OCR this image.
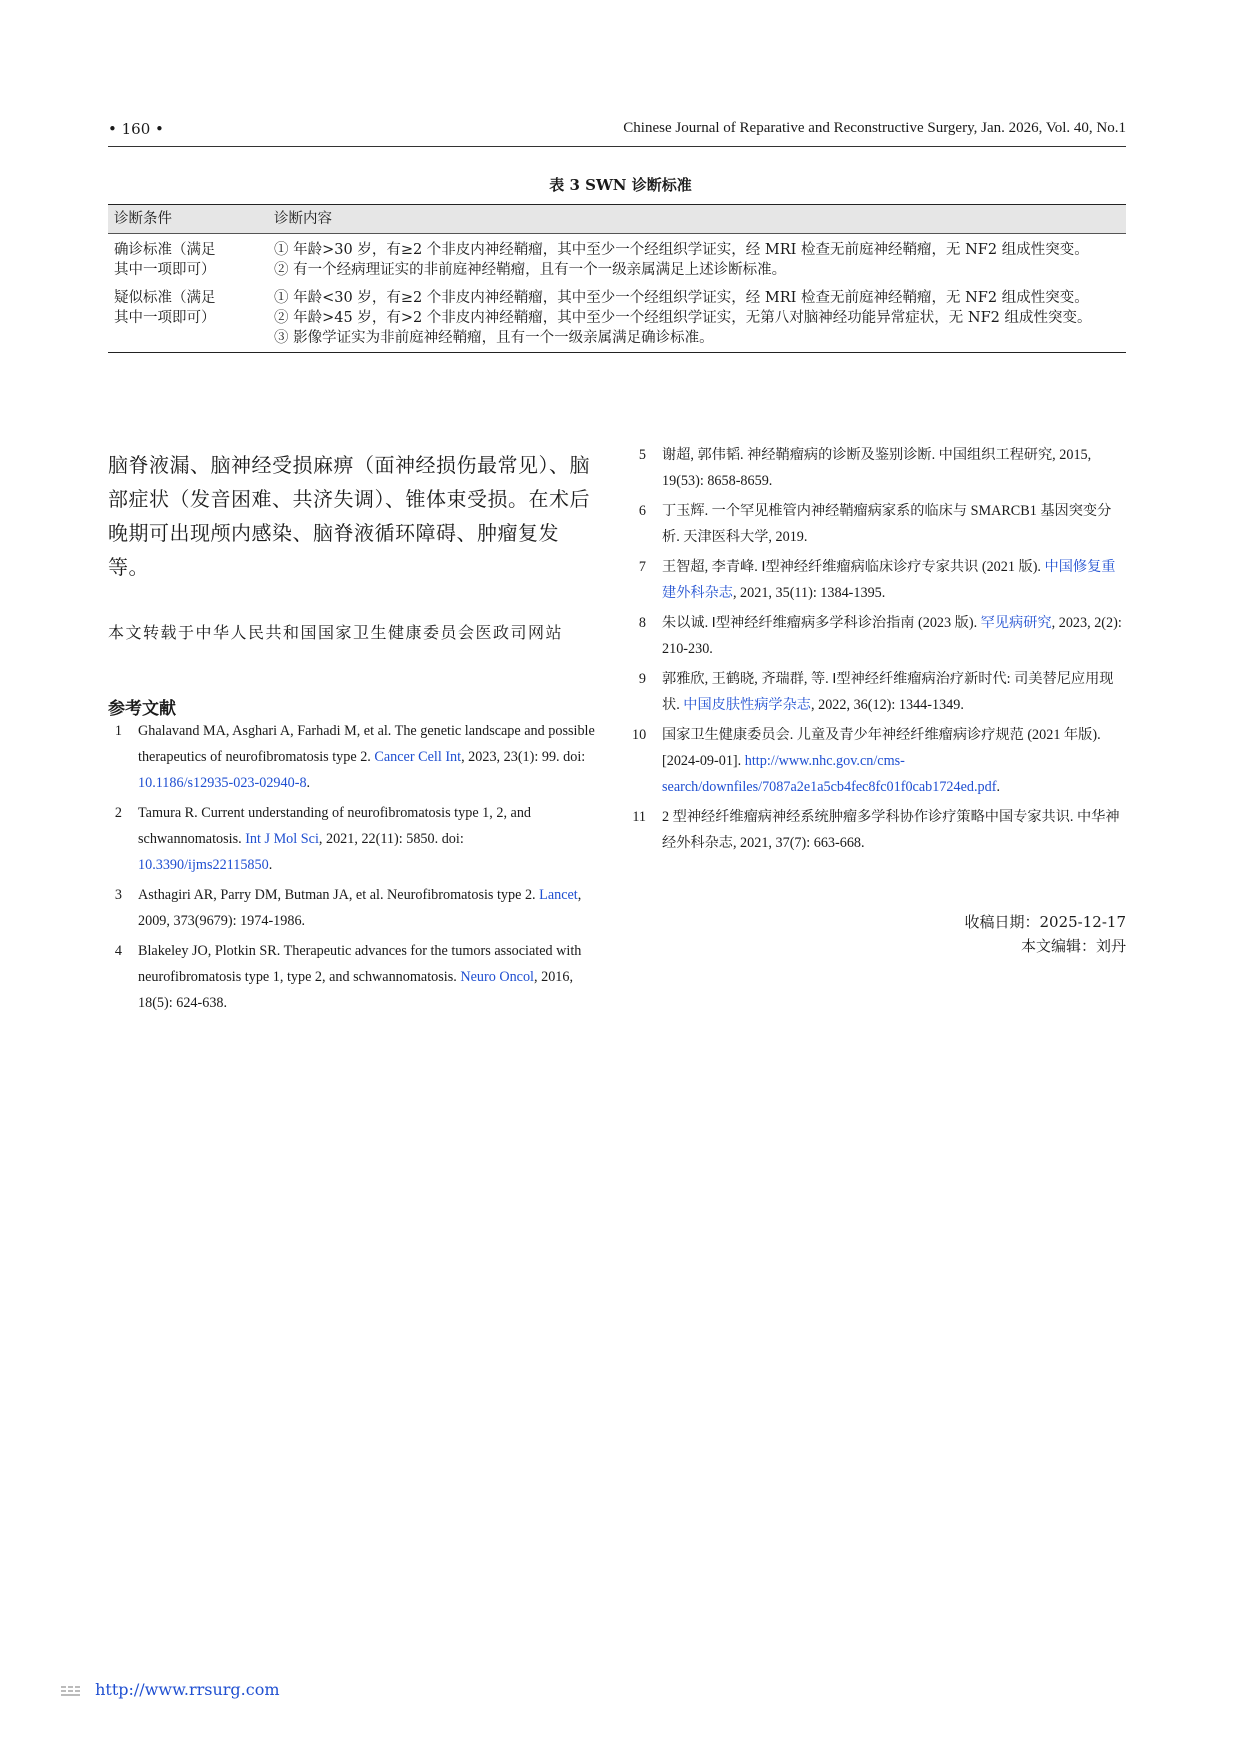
• 160 •	Chinese Journal of Reparative and Reconstructive Surgery, Jan. 2026, Vol. 40, No.1
表 3 SWN 诊断标准
诊断条件	诊断内容
确诊标准（满足其中一项即可）

① 年龄>30 岁，有≥2 个非皮内神经鞘瘤，其中至少一个经组织学证实，经 MRI 检查无前庭神经鞘瘤，无 NF2 组成性突变。

② 有一个经病理证实的非前庭神经鞘瘤，且有一个一级亲属满足上述诊断标准。

疑似标准（满足其中一项即可）

① 年龄<30 岁，有≥2 个非皮内神经鞘瘤，其中至少一个经组织学证实，经 MRI 检查无前庭神经鞘瘤，无 NF2 组成性突变。

② 年龄>45 岁，有>2 个非皮内神经鞘瘤，其中至少一个经组织学证实，无第八对脑神经功能异常症状，无 NF2 组成性突变。

③ 影像学证实为非前庭神经鞘瘤，且有一个一级亲属满足确诊标准。

脑脊液漏、脑神经受损麻痹（面神经损伤最常见）、脑部症状（发音困难、共济失调）、锥体束受损。在术后晚期可出现颅内感染、脑脊液循环障碍、肿瘤复发等。
本文转载于中华人民共和国国家卫生健康委员会医政司网站
参考文献
1 Ghalavand MA, Asghari A, Farhadi M, et al. The genetic landscape and possible therapeutics of neurofibromatosis type 2. Cancer Cell Int, 2023, 23(1): 99. doi: 10.1186/s12935-023-02940-8.
2 Tamura R. Current understanding of neurofibromatosis type 1, 2, and schwannomatosis. Int J Mol Sci, 2021, 22(11): 5850. doi: 10.3390/ijms22115850.
3 Asthagiri AR, Parry DM, Butman JA, et al. Neurofibromatosis type 2. Lancet, 2009, 373(9679): 1974-1986.
4 Blakeley JO, Plotkin SR. Therapeutic advances for the tumors associated with neurofibromatosis type 1, type 2, and schwannomatosis. Neuro Oncol, 2016, 18(5): 624-638.
5 谢超, 郭伟韬. 神经鞘瘤病的诊断及鉴别诊断. 中国组织工程研究, 2015, 19(53): 8658-8659.
6 丁玉辉. 一个罕见椎管内神经鞘瘤病家系的临床与 SMARCB1 基因突变分析. 天津医科大学, 2019.
7 王智超, 李青峰. Ⅰ型神经纤维瘤病临床诊疗专家共识 (2021 版). 中国修复重建外科杂志, 2021, 35(11): 1384-1395.
8 朱以诚. Ⅰ型神经纤维瘤病多学科诊治指南 (2023 版). 罕见病研究, 2023, 2(2): 210-230.
9 郭雅欣, 王鹤晓, 齐瑞群, 等. Ⅰ型神经纤维瘤病治疗新时代: 司美替尼应用现状. 中国皮肤性病学杂志, 2022, 36(12): 1344-1349.
10 国家卫生健康委员会. 儿童及青少年神经纤维瘤病诊疗规范 (2021 年版). [2024-09-01]. http://www.nhc.gov.cn/cms-search/downfiles/7087a2e1a5cb4fec8fc01f0cab1724ed.pdf.
11 2 型神经纤维瘤病神经系统肿瘤多学科协作诊疗策略中国专家共识. 中华神经外科杂志, 2021, 37(7): 663-668.
收稿日期：2025-12-17
本文编辑：刘丹
http://www.rrsurg.com
